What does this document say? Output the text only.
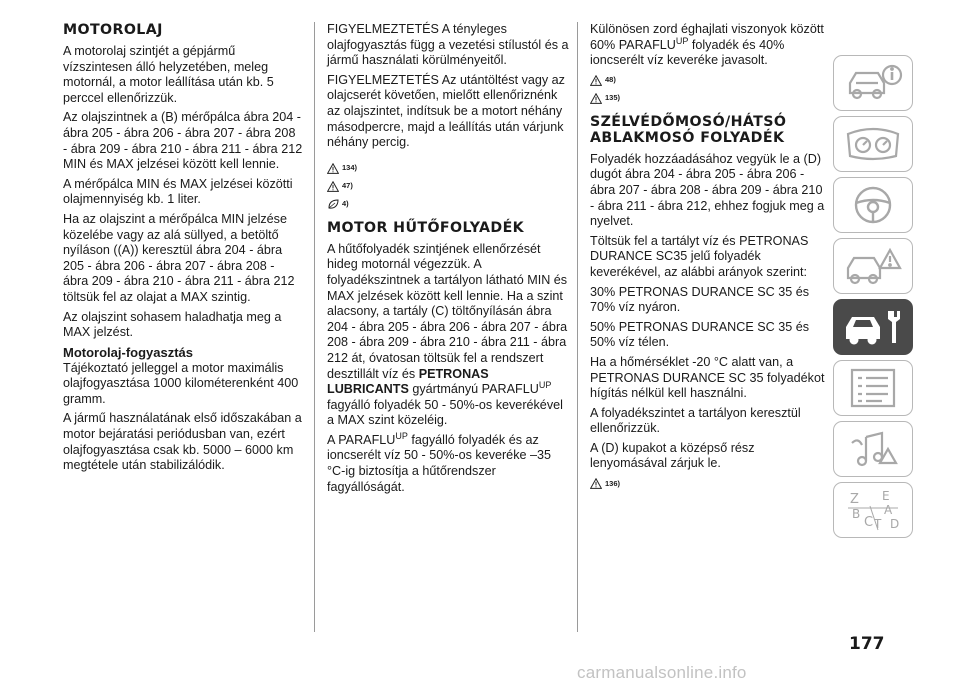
MOTOROLAJ

A motorolaj szintjét a gépjármű vízszintesen álló helyzetében, meleg motornál, a motor leállítása után kb. 5 perccel ellenőrizzük.

Az olajszintnek a (B) mérőpálca ábra 204 - ábra 205 - ábra 206 - ábra 207 - ábra 208 - ábra 209 - ábra 210 - ábra 211 - ábra 212 MIN és MAX jelzései között kell lennie.

A mérőpálca MIN és MAX jelzései közötti olajmennyiség kb. 1 liter.

Ha az olajszint a mérőpálca MIN jelzése közelébe vagy az alá süllyed, a betöltő nyíláson ((A)) keresztül ábra 204 - ábra 205 - ábra 206 - ábra 207 - ábra 208 - ábra 209 - ábra 210 - ábra 211 - ábra 212 töltsük fel az olajat a MAX szintig.

Az olajszint sohasem haladhatja meg a MAX jelzést.

Motorolaj-fogyasztás

Tájékoztató jelleggel a motor maximális olajfogyasztása 1000 kilométerenként 400 gramm.

A jármű használatának első időszakában a motor bejáratási periódusban van, ezért olajfogyasztása csak kb. 5000 – 6000 km megtétele után stabilizálódik.

FIGYELMEZTETÉS A tényleges olajfogyasztás függ a vezetési stílustól és a jármű használati körülményeitől.

FIGYELMEZTETÉS Az utántöltést vagy az olajcserét követően, mielőtt ellenőriznénk az olajszintet, indítsuk be a motort néhány másodpercre, majd a leállítás után várjunk néhány percig.

134)
47)
4)
MOTOR HŰTŐFOLYADÉK

A hűtőfolyadék szintjének ellenőrzését hideg motornál végezzük. A folyadékszintnek a tartályon látható MIN és MAX jelzések között kell lennie. Ha a szint alacsony, a tartály (C) töltőnyílásán ábra 204 - ábra 205 - ábra 206 - ábra 207 - ábra 208 - ábra 209 - ábra 210 - ábra 211 - ábra 212 át, óvatosan töltsük fel a rendszert desztillált víz és PETRONAS LUBRICANTS gyártmányú $PARAFLU^{UP}$ fagyálló folyadék 50 - 50%-os keverékével a MAX szint közeléig.

A $PARAFLU^{UP}$ fagyálló folyadék és az ioncserélt víz 50 - 50%-os keveréke –35 °C-ig biztosítja a hűtőrendszer fagyállóságát.

Különösen zord éghajlati viszonyok között 60% $PARAFLU^{UP}$ folyadék és 40% ioncserélt víz keveréke javasolt.

48)
135)
SZÉLVÉDŐMOSÓ/HÁTSÓ ABLAKMOSÓ FOLYADÉK

Folyadék hozzáadásához vegyük le a (D) dugót ábra 204 - ábra 205 - ábra 206 - ábra 207 - ábra 208 - ábra 209 - ábra 210 - ábra 211 - ábra 212, ehhez fogjuk meg a nyelvet.

Töltsük fel a tartályt víz és PETRONAS DURANCE SC35 jelű folyadék keverékével, az alábbi arányok szerint:

30% PETRONAS DURANCE SC 35 és 70% víz nyáron.

50% PETRONAS DURANCE SC 35 és 50% víz télen.

Ha a hőmérséklet -20 °C alatt van, a PETRONAS DURANCE SC 35 folyadékot hígítás nélkül kell használni.

A folyadékszintet a tartályon keresztül ellenőrizzük.

A (D) kupakot a középső rész lenyomásával zárjuk le.

136)
Z E
A
B
C T D
177
carmanualsonline.info
